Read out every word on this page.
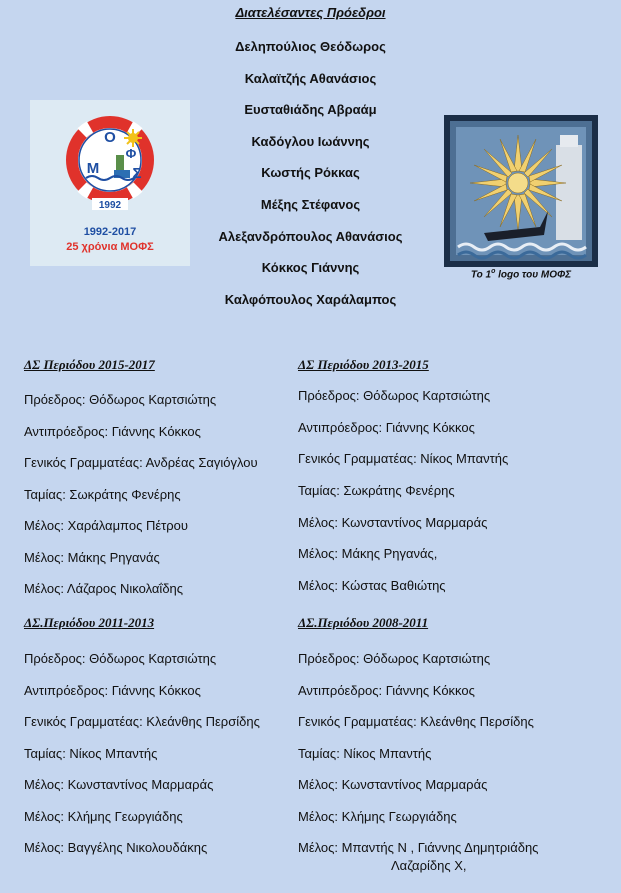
Διατελέσαντες Πρόεδροι
Δεληπούλιος Θεόδωρος
Καλαϊτζής Αθανάσιος
Ευσταθιάδης Αβραάμ
Καδόγλου Ιωάννης
Κωστής Ρόκκας
Μέξης Στέφανος
Αλεξανδρόπουλος Αθανάσιος
Κόκκος Γιάννης
Καλφόπουλος Χαράλαμπος
Ο
Φ
Μ Σ
1992
1992-2017
25 χρόνια ΜΟΦΣ
Το $1^o$ logo του ΜΟΦΣ
ΔΣ Περιόδου 2015-2017
Πρόεδρος: Θόδωρος Καρτσιώτης
Αντιπρόεδρος: Γιάννης Κόκκος
Γενικός Γραμματέας: Ανδρέας Σαγιόγλου
Ταμίας: Σωκράτης Φενέρης
Μέλος: Χαράλαμπος Πέτρου
Μέλος: Μάκης Ρηγανάς
Μέλος: Λάζαρος Νικολαΐδης
ΔΣ Περιόδου 2013-2015
Πρόεδρος: Θόδωρος Καρτσιώτης
Αντιπρόεδρος: Γιάννης Κόκκος
Γενικός Γραμματέας: Νίκος Μπαντής
Ταμίας: Σωκράτης Φενέρης
Μέλος: Κωνσταντίνος Μαρμαράς
Μέλος: Μάκης Ρηγανάς,
Μέλος: Κώστας Βαθιώτης
ΔΣ.Περιόδου 2011-2013
Πρόεδρος: Θόδωρος Καρτσιώτης
Αντιπρόεδρος: Γιάννης Κόκκος
Γενικός Γραμματέας: Κλεάνθης Περσίδης
Ταμίας: Νίκος Μπαντής
Μέλος: Κωνσταντίνος Μαρμαράς
Μέλος: Κλήμης Γεωργιάδης
Μέλος: Βαγγέλης Νικολουδάκης
ΔΣ.Περιόδου 2008-2011
Πρόεδρος: Θόδωρος Καρτσιώτης
Αντιπρόεδρος: Γιάννης Κόκκος
Γενικός Γραμματέας: Κλεάνθης Περσίδης
Ταμίας: Νίκος Μπαντής
Μέλος: Κωνσταντίνος Μαρμαράς
Μέλος: Κλήμης Γεωργιάδης
Μέλος: Μπαντής Ν , Γιάννης Δημητριάδης
Λαζαρίδης Χ,
